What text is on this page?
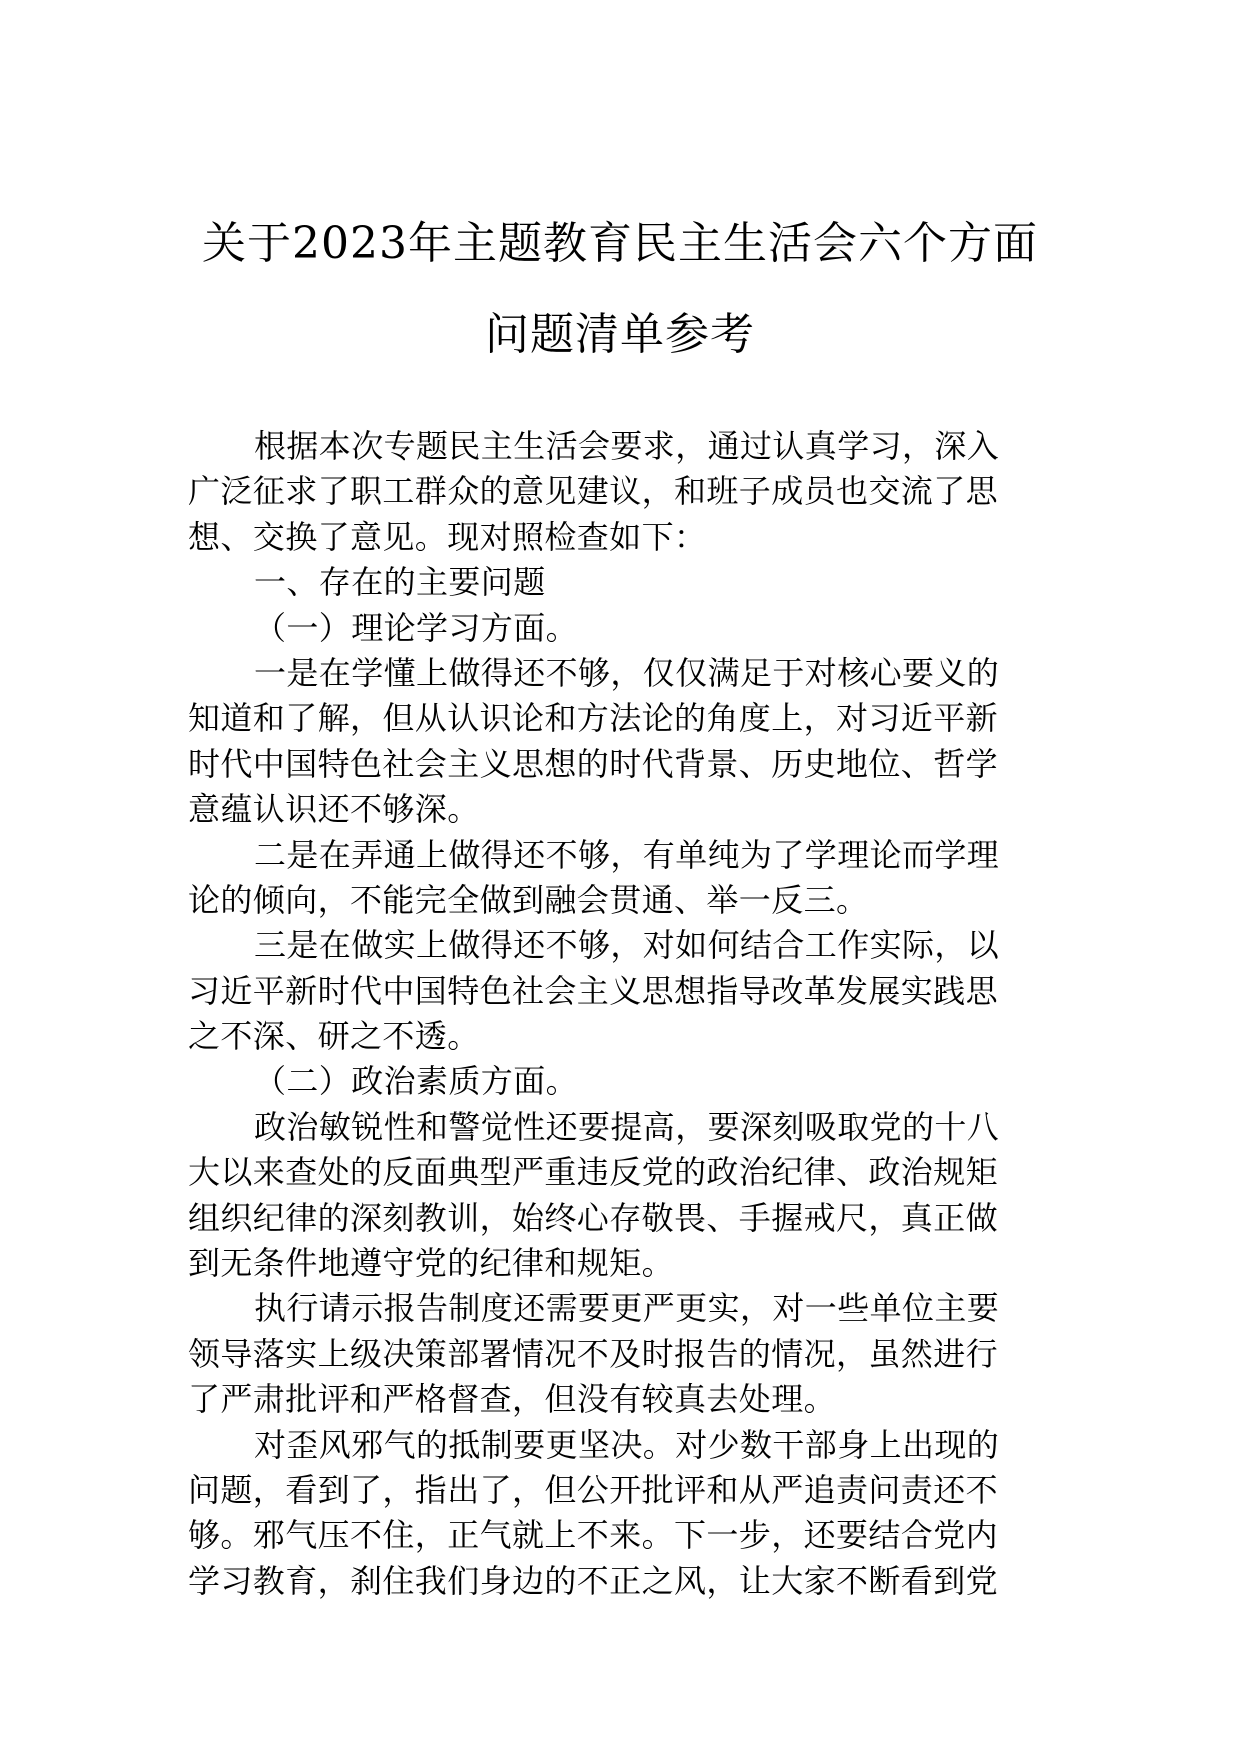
关于2023年主题教育民主生活会六个方面
问题清单参考
根据本次专题民主生活会要求，通过认真学习，深入
广泛征求了职工群众的意见建议，和班子成员也交流了思
想、交换了意见。现对照检查如下：
一、存在的主要问题
（一）理论学习方面。
一是在学懂上做得还不够，仅仅满足于对核心要义的
知道和了解，但从认识论和方法论的角度上，对习近平新
时代中国特色社会主义思想的时代背景、历史地位、哲学
意蕴认识还不够深。
二是在弄通上做得还不够，有单纯为了学理论而学理
论的倾向，不能完全做到融会贯通、举一反三。
三是在做实上做得还不够，对如何结合工作实际，以
习近平新时代中国特色社会主义思想指导改革发展实践思
之不深、研之不透。
（二）政治素质方面。
政治敏锐性和警觉性还要提高，要深刻吸取党的十八
大以来查处的反面典型严重违反党的政治纪律、政治规矩
组织纪律的深刻教训，始终心存敬畏、手握戒尺，真正做
到无条件地遵守党的纪律和规矩。
执行请示报告制度还需要更严更实，对一些单位主要
领导落实上级决策部署情况不及时报告的情况，虽然进行
了严肃批评和严格督查，但没有较真去处理。
对歪风邪气的抵制要更坚决。对少数干部身上出现的
问题，看到了，指出了，但公开批评和从严追责问责还不
够。邪气压不住，正气就上不来。下一步，还要结合党内
学习教育，刹住我们身边的不正之风，让大家不断看到党
